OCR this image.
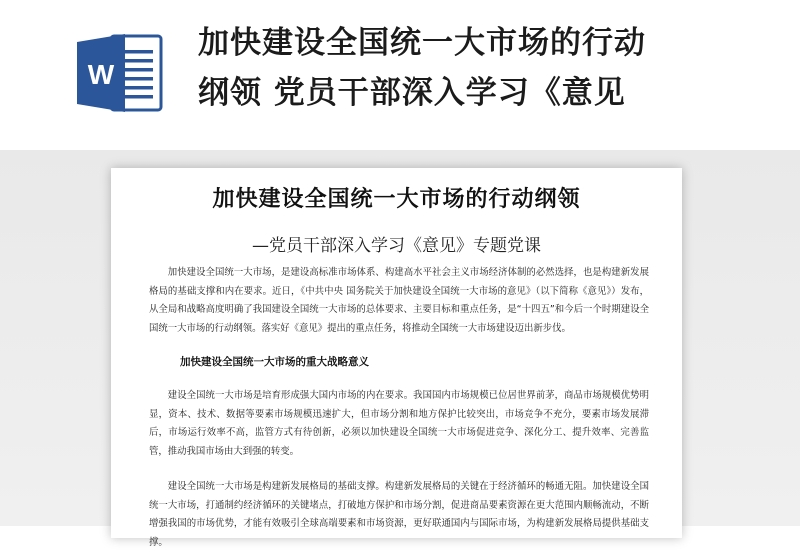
W
加快建设全国统一大市场的行动
纲领 党员干部深入学习《意见
加快建设全国统一大市场的行动纲领
—党员干部深入学习《意见》专题党课
加快建设全国统一大市场，是建设高标准市场体系、构建高水平社会主义市场经济体制的必然选择，也是构建新发展格局的基础支撑和内在要求。近日，《中共中央 国务院关于加快建设全国统一大市场的意见》（以下简称《意见》）发布，从全局和战略高度明确了我国建设全国统一大市场的总体要求、主要目标和重点任务，是“十四五”和今后一个时期建设全国统一大市场的行动纲领。落实好《意见》提出的重点任务，将推动全国统一大市场建设迈出新步伐。
加快建设全国统一大市场的重大战略意义
建设全国统一大市场是培育形成强大国内市场的内在要求。我国国内市场规模已位居世界前茅，商品市场规模优势明显，资本、技术、数据等要素市场规模迅速扩大，但市场分割和地方保护比较突出，市场竞争不充分，要素市场发展滞后，市场运行效率不高，监管方式有待创新，必须以加快建设全国统一大市场促进竞争、深化分工、提升效率、完善监管，推动我国市场由大到强的转变。
建设全国统一大市场是构建新发展格局的基础支撑。构建新发展格局的关键在于经济循环的畅通无阻。加快建设全国统一大市场，打通制约经济循环的关键堵点，打破地方保护和市场分割，促进商品要素资源在更大范围内顺畅流动，不断增强我国的市场优势，才能有效吸引全球高端要素和市场资源，更好联通国内与国际市场，为构建新发展格局提供基础支撑。
